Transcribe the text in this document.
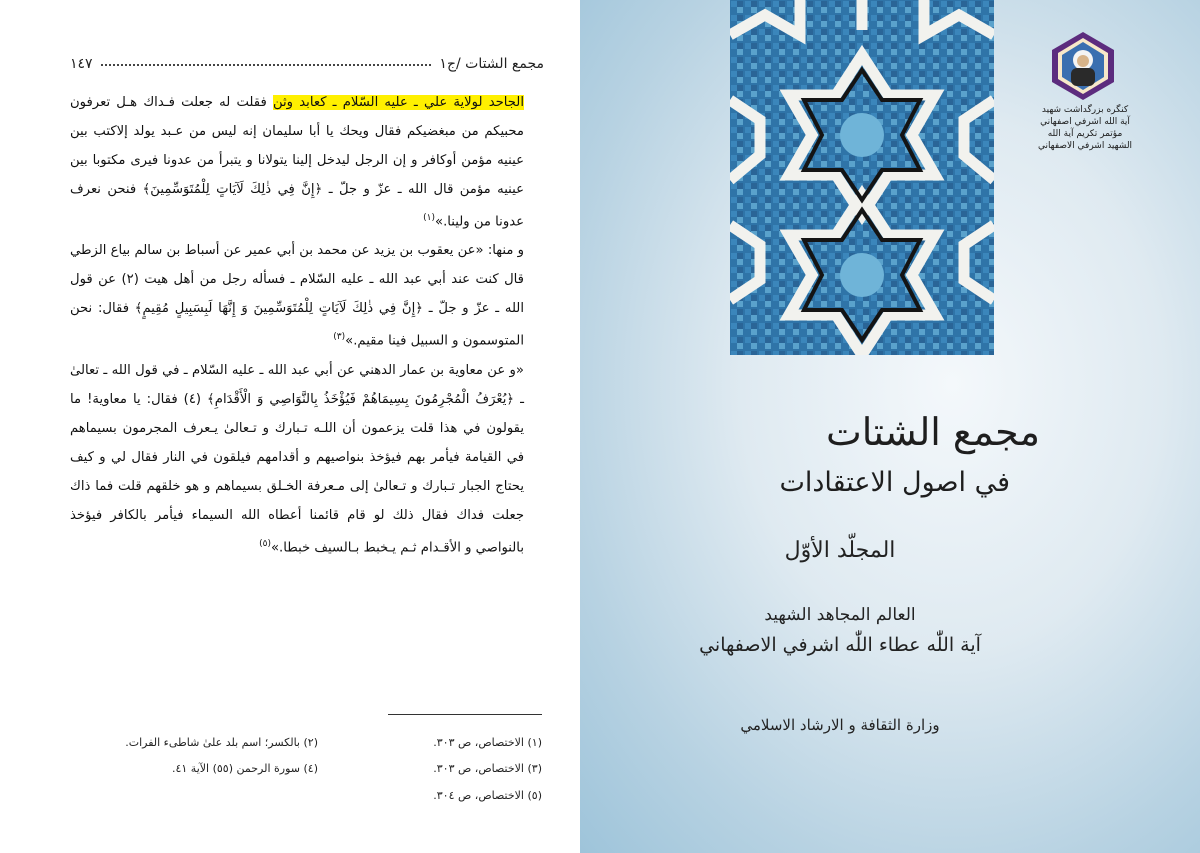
مجمع الشتات /ج١
١٤٧

الجاحد لولاية علي ـ عليه السّلام ـ كعابد وثن فقلت له جعلت فـداك هـل تعرفون محبيكم من مبغضيكم فقال ويحك يا أبا سليمان إنه ليس من عـبد يولد إلاكتب بين عينيه مؤمن أوكافر و إن الرجل ليدخل إلينا يتولانا و يتبرأ من عدونا فيرى مكتوبا بين عينيه مؤمن قال الله ـ عزّ و جلّ ـ ﴿إِنَّ فِي ذٰلِكَ لَآيَاتٍ لِلْمُتَوَسِّمِينَ﴾ فنحن نعرف عدونا من ولينا.»$^{(١)}$

و منها: «عن يعقوب بن يزيد عن محمد بن أبي عمير عن أسباط بن سالم بياع الزطي قال كنت عند أبي عبد الله ـ عليه السّلام ـ فسأله رجل من أهل هيت (٢) عن قول الله ـ عزّ و جلّ ـ ﴿إِنَّ فِي ذٰلِكَ لَآيَاتٍ لِلْمُتَوَسِّمِينَ وَ إِنَّهَا لَبِسَبِيلٍ مُقِيمٍ﴾ فقال: نحن المتوسمون و السبيل فينا مقيم.»$^{(٣)}$

«و عن معاوية بن عمار الدهني عن أبي عبد الله ـ عليه السّلام ـ في قول الله ـ تعالىٰ ـ ﴿يُعْرَفُ الْمُجْرِمُونَ بِسِيمَاهُمْ فَيُؤْخَذُ بِالنَّوَاصِي وَ الْأَقْدَامِ﴾ (٤) فقال: يا معاوية! ما يقولون في هذا قلت يزعمون أن اللـه تـبارك و تـعالىٰ يـعرف المجرمون بسيماهم في القيامة فيأمر بهم فيؤخذ بنواصيهم و أقدامهم فيلقون في النار فقال لي و كيف يحتاج الجبار تـبارك و تـعالىٰ إلى مـعرفة الخـلق بسيماهم و هو خلقهم قلت فما ذاك جعلت فداك فقال ذلك لو قام قائمنا أعطاه الله السيماء فيأمر بالكافر فيؤخذ بالنواصي و الأقـدام ثـم يـخبط بـالسيف خبطا.»$^{(٥)}$

(١) الاختصاص، ص ٣٠٣.
(٢) بالكسر؛ اسم بلد علىٰ شاطىء الفرات.
(٣) الاختصاص، ص ٣٠٣.
(٤) سورة الرحمن (٥٥) الآية ٤١.
(٥) الاختصاص، ص ٣٠٤.
كنگره بزرگداشت شهيد
آية الله اشرفي اصفهاني
مؤتمر تكريم آية الله
الشهيد اشرفي الاصفهاني
مجمع الشتات
في اصول الاعتقادات
المجلّد الأوّل
العالم المجاهد الشهيد
آية اللّٰه عطاء اللّٰه اشرفي الاصفهاني
وزارة الثقافة و الارشاد الاسلامي
